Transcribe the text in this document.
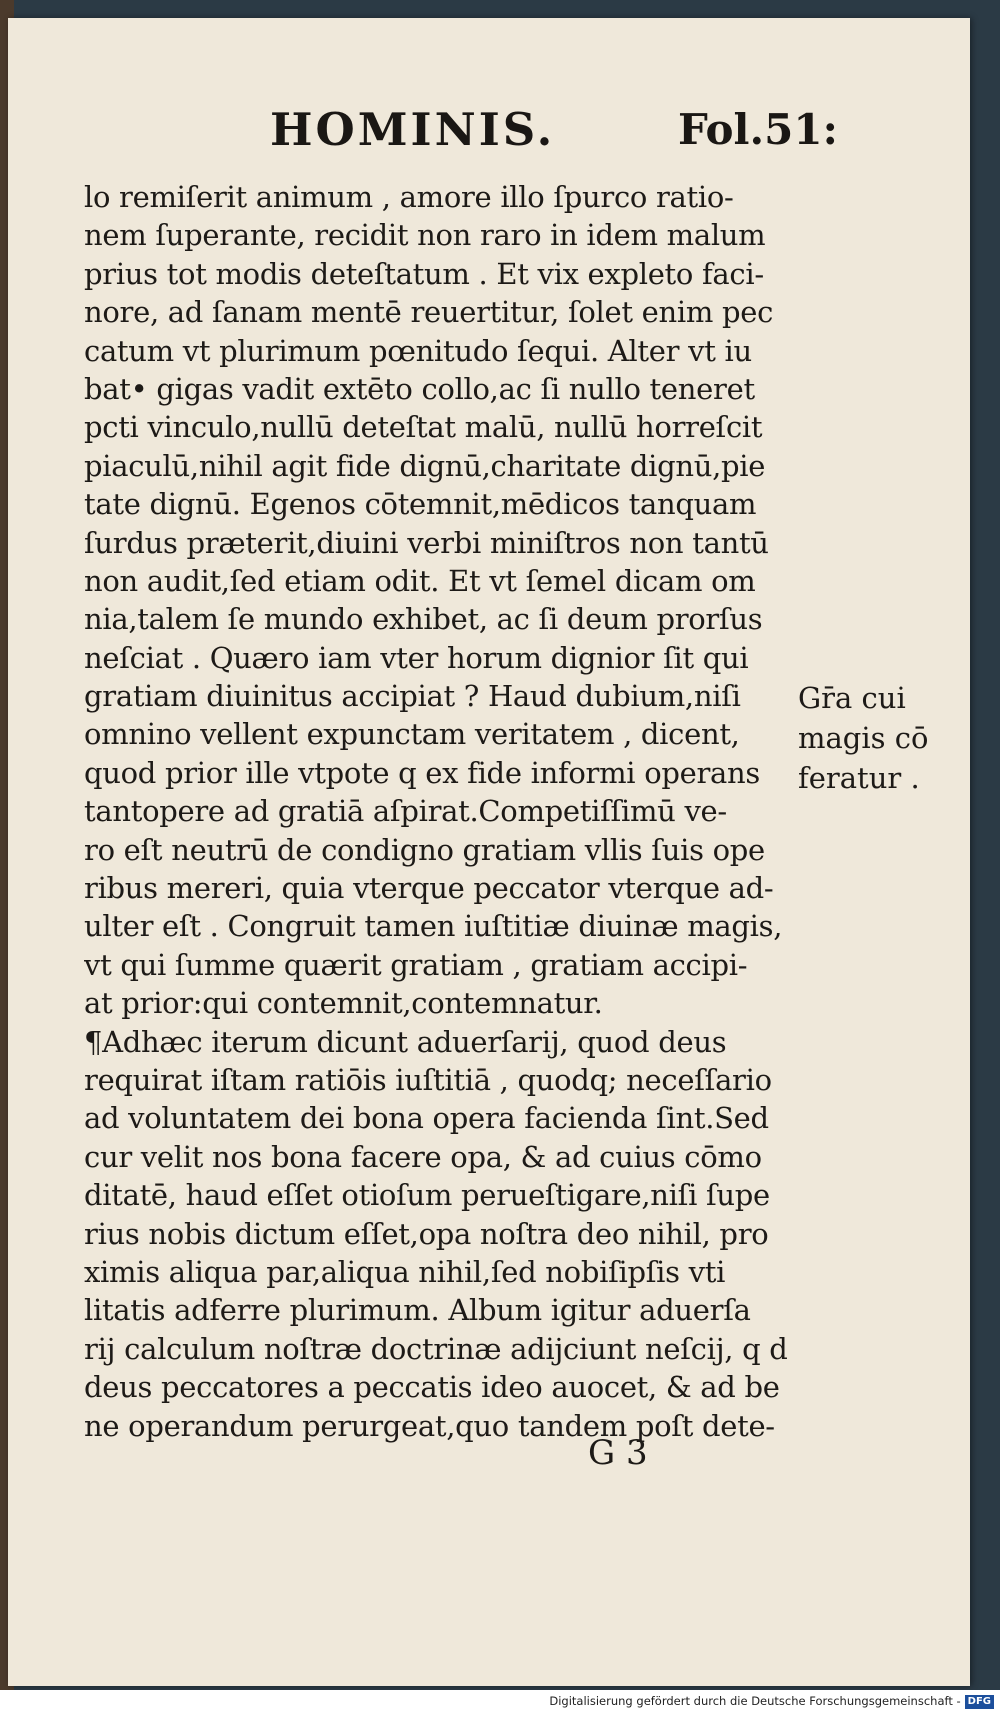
HOMINIS.	Fol.51:
lo remiſerit animum , amore illo ſpurco ratio-
nem ſuperante, recidit non raro in idem malum
prius tot modis deteſtatum . Et vix expleto faci-
nore, ad ſanam mentē reuertitur, ſolet enim pec
catum vt plurimum pœnitudo ſequi. Alter vt iu
bat• gigas vadit extēto collo,ac ſi nullo teneret
pcti vinculo,nullū deteſtat malū, nullū horreſcit
piaculū,nihil agit fide dignū,charitate dignū,pie
tate dignū. Egenos cōtemnit,mēdicos tanquam
ſurdus prӕterit,diuini verbi miniſtros non tantū
non audit,ſed etiam odit. Et vt ſemel dicam om
nia,talem ſe mundo exhibet, ac ſi deum prorſus
neſciat . Quӕro iam vter horum dignior ſit qui
gratiam diuinitus accipiat ? Haud dubium,niſi
omnino vellent expunctam veritatem , dicent,
quod prior ille vtpote q ex fide informi operans
tantopere ad gratiā aſpirat.Competiſſimū ve-
ro eſt neutrū de condigno gratiam vllis ſuis ope
ribus mereri, quia vterque peccator vterque ad-
ulter eſt . Congruit tamen iuſtitiӕ diuinӕ magis,
vt qui ſumme quӕrit gratiam , gratiam accipi-
at prior:qui contemnit,contemnatur.
¶Adhӕc iterum dicunt aduerſarij, quod deus
requirat iſtam ratiōis iuſtitiā , quodq; neceſſario
ad voluntatem dei bona opera facienda ſint.Sed
cur velit nos bona facere opa, & ad cuius cōmo
ditatē, haud eſſet otioſum perueſtigare,niſi ſupe
rius nobis dictum eſſet,opa noſtra deo nihil, pro
ximis aliqua par,aliqua nihil,ſed nobiſipſis vti
litatis adferre plurimum. Album igitur aduerſa
rij calculum noſtrӕ doctrinӕ adijciunt neſcij, q d
deus peccatores a peccatis ideo auocet, & ad be
ne operandum perurgeat,quo tandem poſt dete-
Gr̄a cui
magis cō
feratur .
G 3
Digitalisierung gefördert durch die Deutsche Forschungsgemeinschaft - DFG
